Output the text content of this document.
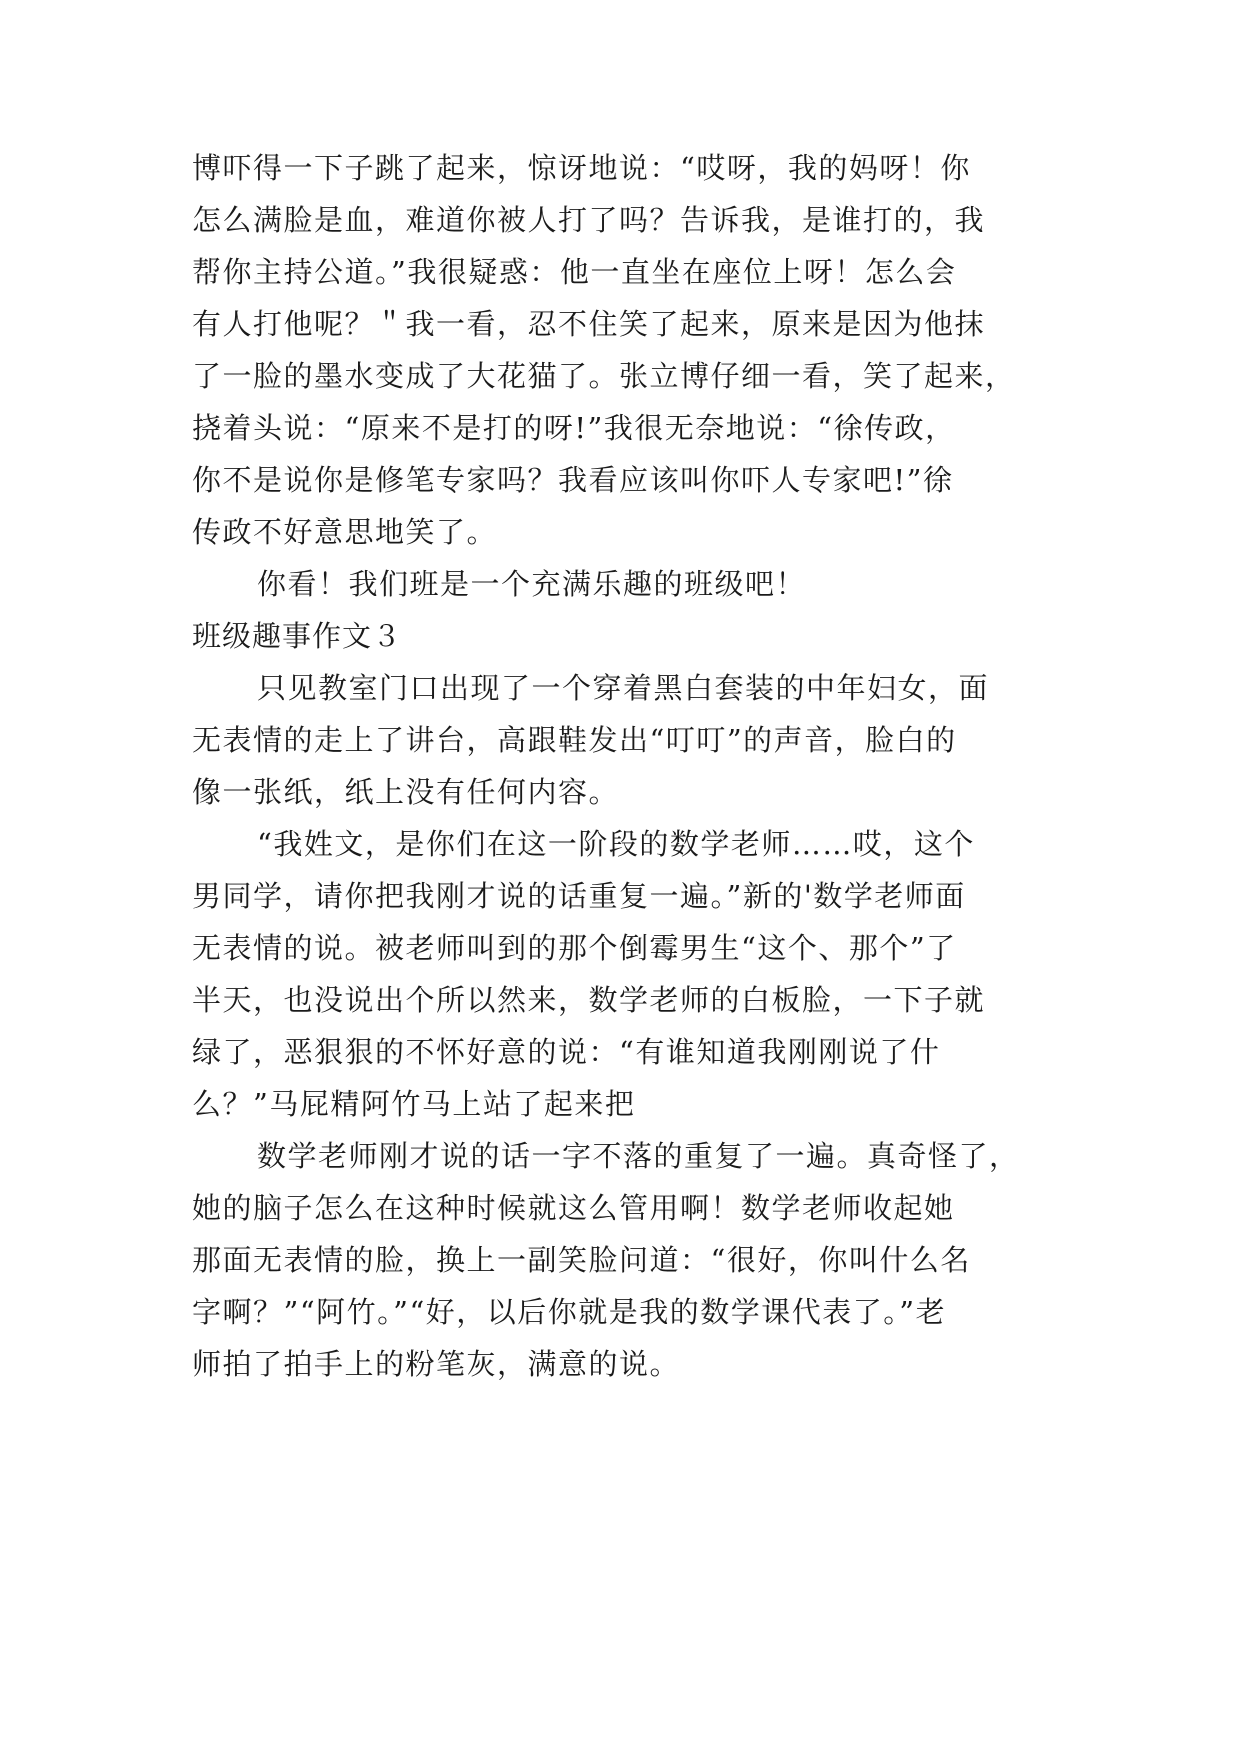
博吓得一下子跳了起来，惊讶地说：“哎呀，我的妈呀！你
怎么满脸是血，难道你被人打了吗？告诉我，是谁打的，我
帮你主持公道。”我很疑惑：他一直坐在座位上呀！怎么会
有人打他呢？＂我一看，忍不住笑了起来，原来是因为他抹
了一脸的墨水变成了大花猫了。张立博仔细一看，笑了起来，
挠着头说：“原来不是打的呀!”我很无奈地说：“徐传政，
你不是说你是修笔专家吗？我看应该叫你吓人专家吧!”徐
传政不好意思地笑了。
你看！我们班是一个充满乐趣的班级吧！
班级趣事作文３
只见教室门口出现了一个穿着黑白套装的中年妇女，面
无表情的走上了讲台，高跟鞋发出“叮叮”的声音，脸白的
像一张纸，纸上没有任何内容。
“我姓文，是你们在这一阶段的数学老师……哎，这个
男同学，请你把我刚才说的话重复一遍。”新的'数学老师面
无表情的说。被老师叫到的那个倒霉男生“这个、那个”了
半天，也没说出个所以然来，数学老师的白板脸，一下子就
绿了，恶狠狠的不怀好意的说：“有谁知道我刚刚说了什
么？”马屁精阿竹马上站了起来把
数学老师刚才说的话一字不落的重复了一遍。真奇怪了，
她的脑子怎么在这种时候就这么管用啊！数学老师收起她
那面无表情的脸，换上一副笑脸问道：“很好，你叫什么名
字啊？”“阿竹。”“好，以后你就是我的数学课代表了。”老
师拍了拍手上的粉笔灰，满意的说。
